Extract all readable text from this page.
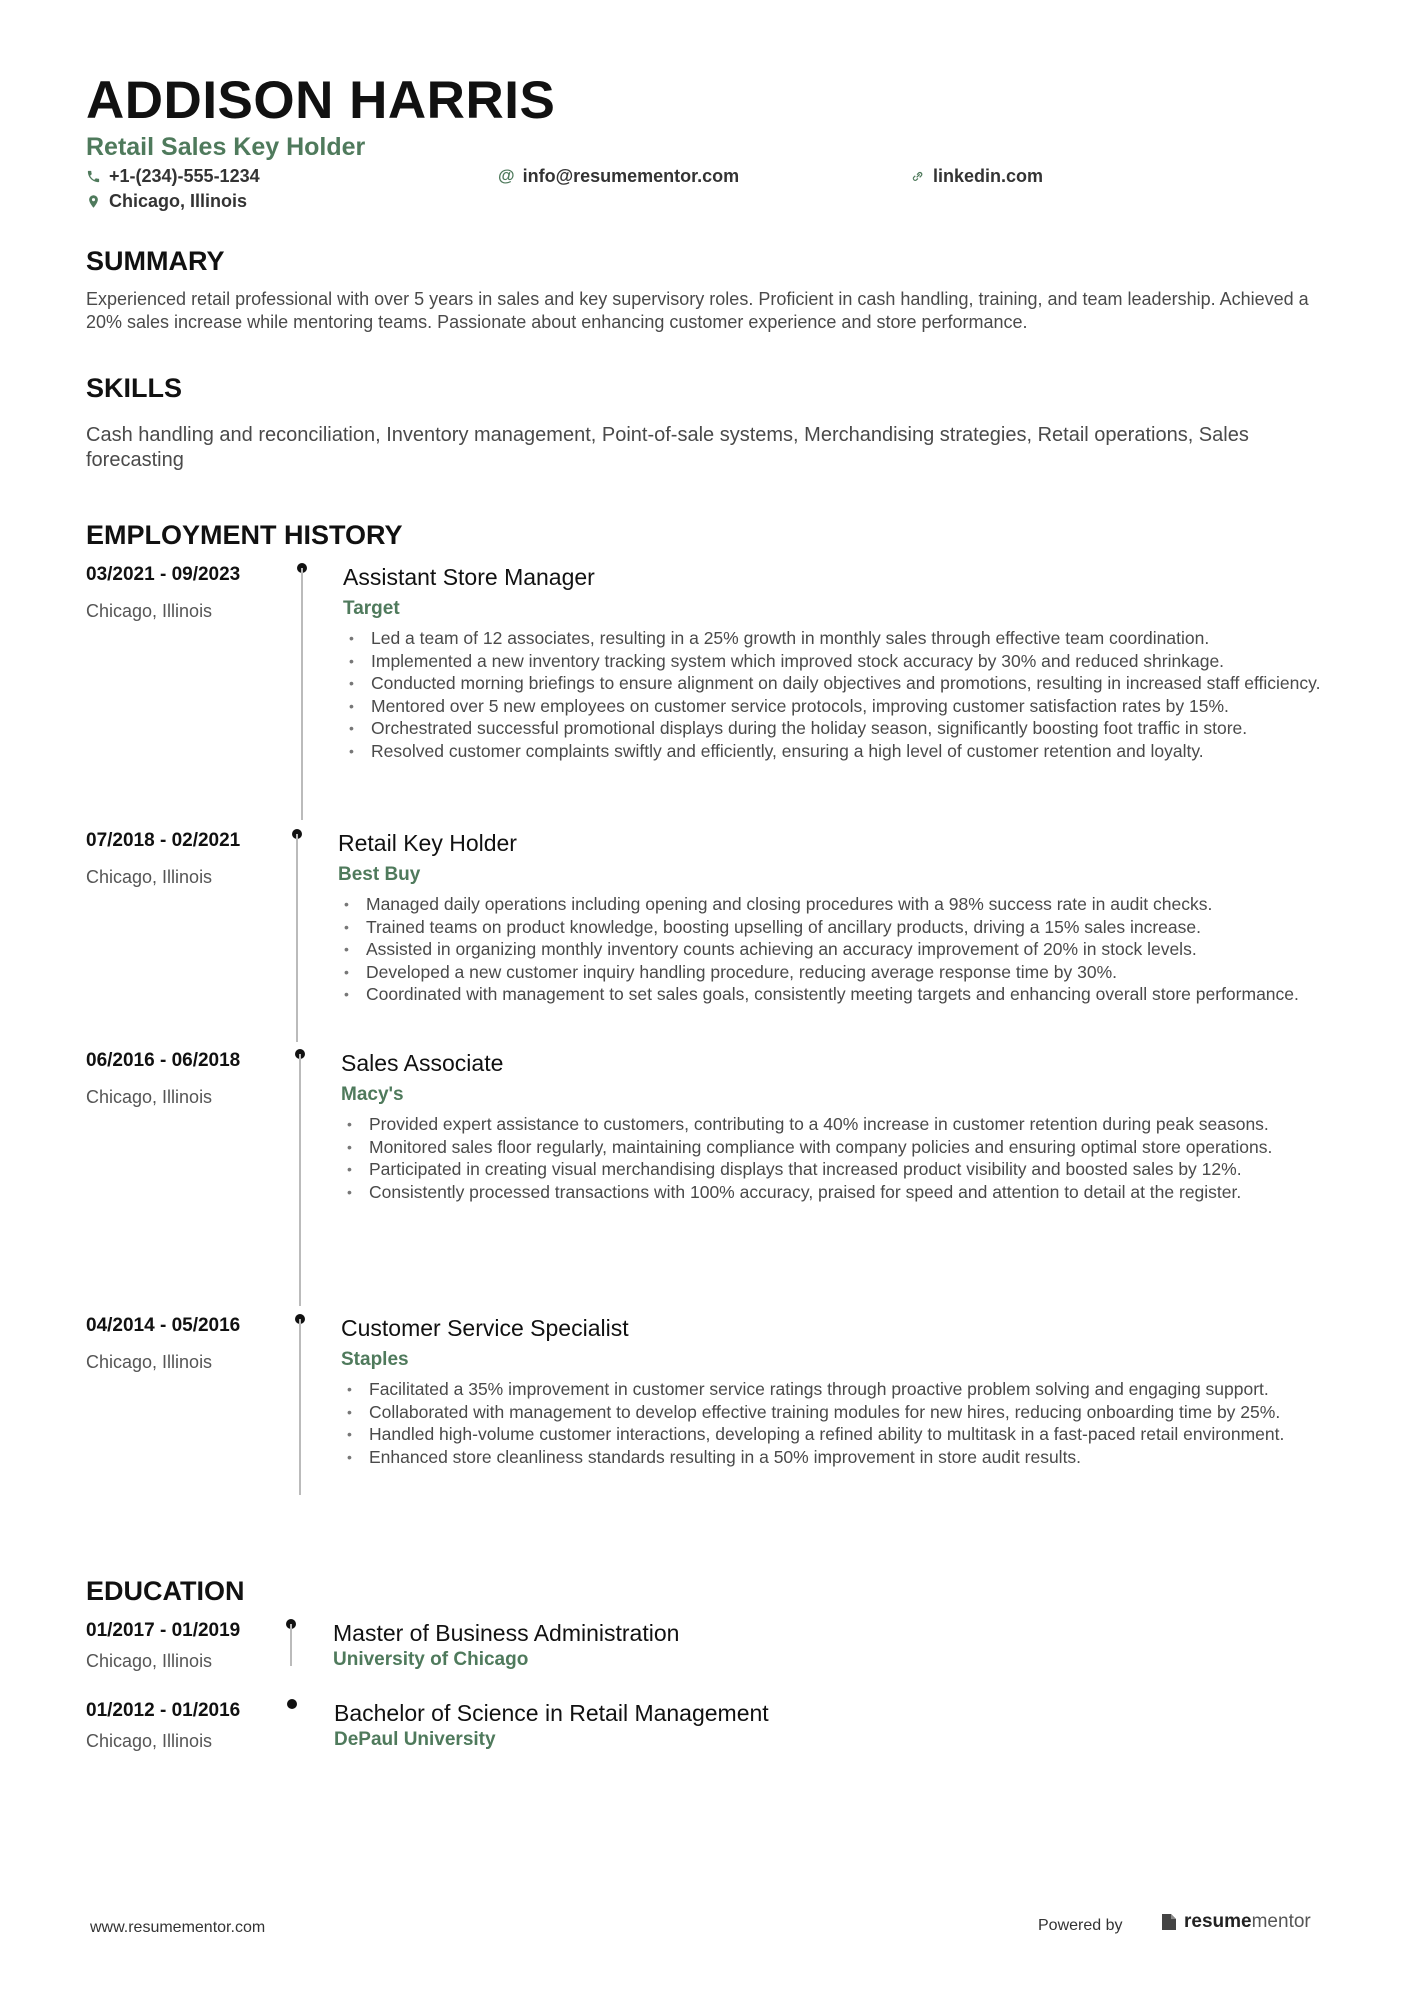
ADDISON HARRIS
Retail Sales Key Holder
+1-(234)-555-1234	@ info@resumementor.com	linkedin.com
Chicago, Illinois
SUMMARY
Experienced retail professional with over 5 years in sales and key supervisory roles. Proficient in cash handling, training, and team leadership. Achieved a 20% sales increase while mentoring teams. Passionate about enhancing customer experience and store performance.
SKILLS
Cash handling and reconciliation, Inventory management, Point-of-sale systems, Merchandising strategies, Retail operations, Sales forecasting
EMPLOYMENT HISTORY
03/2021 - 09/2023
Chicago, Illinois
Assistant Store Manager
Target
• Led a team of 12 associates, resulting in a 25% growth in monthly sales through effective team coordination.
• Implemented a new inventory tracking system which improved stock accuracy by 30% and reduced shrinkage.
• Conducted morning briefings to ensure alignment on daily objectives and promotions, resulting in increased staff efficiency.
• Mentored over 5 new employees on customer service protocols, improving customer satisfaction rates by 15%.
• Orchestrated successful promotional displays during the holiday season, significantly boosting foot traffic in store.
• Resolved customer complaints swiftly and efficiently, ensuring a high level of customer retention and loyalty.
07/2018 - 02/2021
Chicago, Illinois
Retail Key Holder
Best Buy
• Managed daily operations including opening and closing procedures with a 98% success rate in audit checks.
• Trained teams on product knowledge, boosting upselling of ancillary products, driving a 15% sales increase.
• Assisted in organizing monthly inventory counts achieving an accuracy improvement of 20% in stock levels.
• Developed a new customer inquiry handling procedure, reducing average response time by 30%.
• Coordinated with management to set sales goals, consistently meeting targets and enhancing overall store performance.
06/2016 - 06/2018
Chicago, Illinois
Sales Associate
Macy's
• Provided expert assistance to customers, contributing to a 40% increase in customer retention during peak seasons.
• Monitored sales floor regularly, maintaining compliance with company policies and ensuring optimal store operations.
• Participated in creating visual merchandising displays that increased product visibility and boosted sales by 12%.
• Consistently processed transactions with 100% accuracy, praised for speed and attention to detail at the register.
04/2014 - 05/2016
Chicago, Illinois
Customer Service Specialist
Staples
• Facilitated a 35% improvement in customer service ratings through proactive problem solving and engaging support.
• Collaborated with management to develop effective training modules for new hires, reducing onboarding time by 25%.
• Handled high-volume customer interactions, developing a refined ability to multitask in a fast-paced retail environment.
• Enhanced store cleanliness standards resulting in a 50% improvement in store audit results.
EDUCATION
01/2017 - 01/2019
Chicago, Illinois
Master of Business Administration
University of Chicago
01/2012 - 01/2016
Chicago, Illinois
Bachelor of Science in Retail Management
DePaul University
www.resumementor.com	Powered by	resumementor
